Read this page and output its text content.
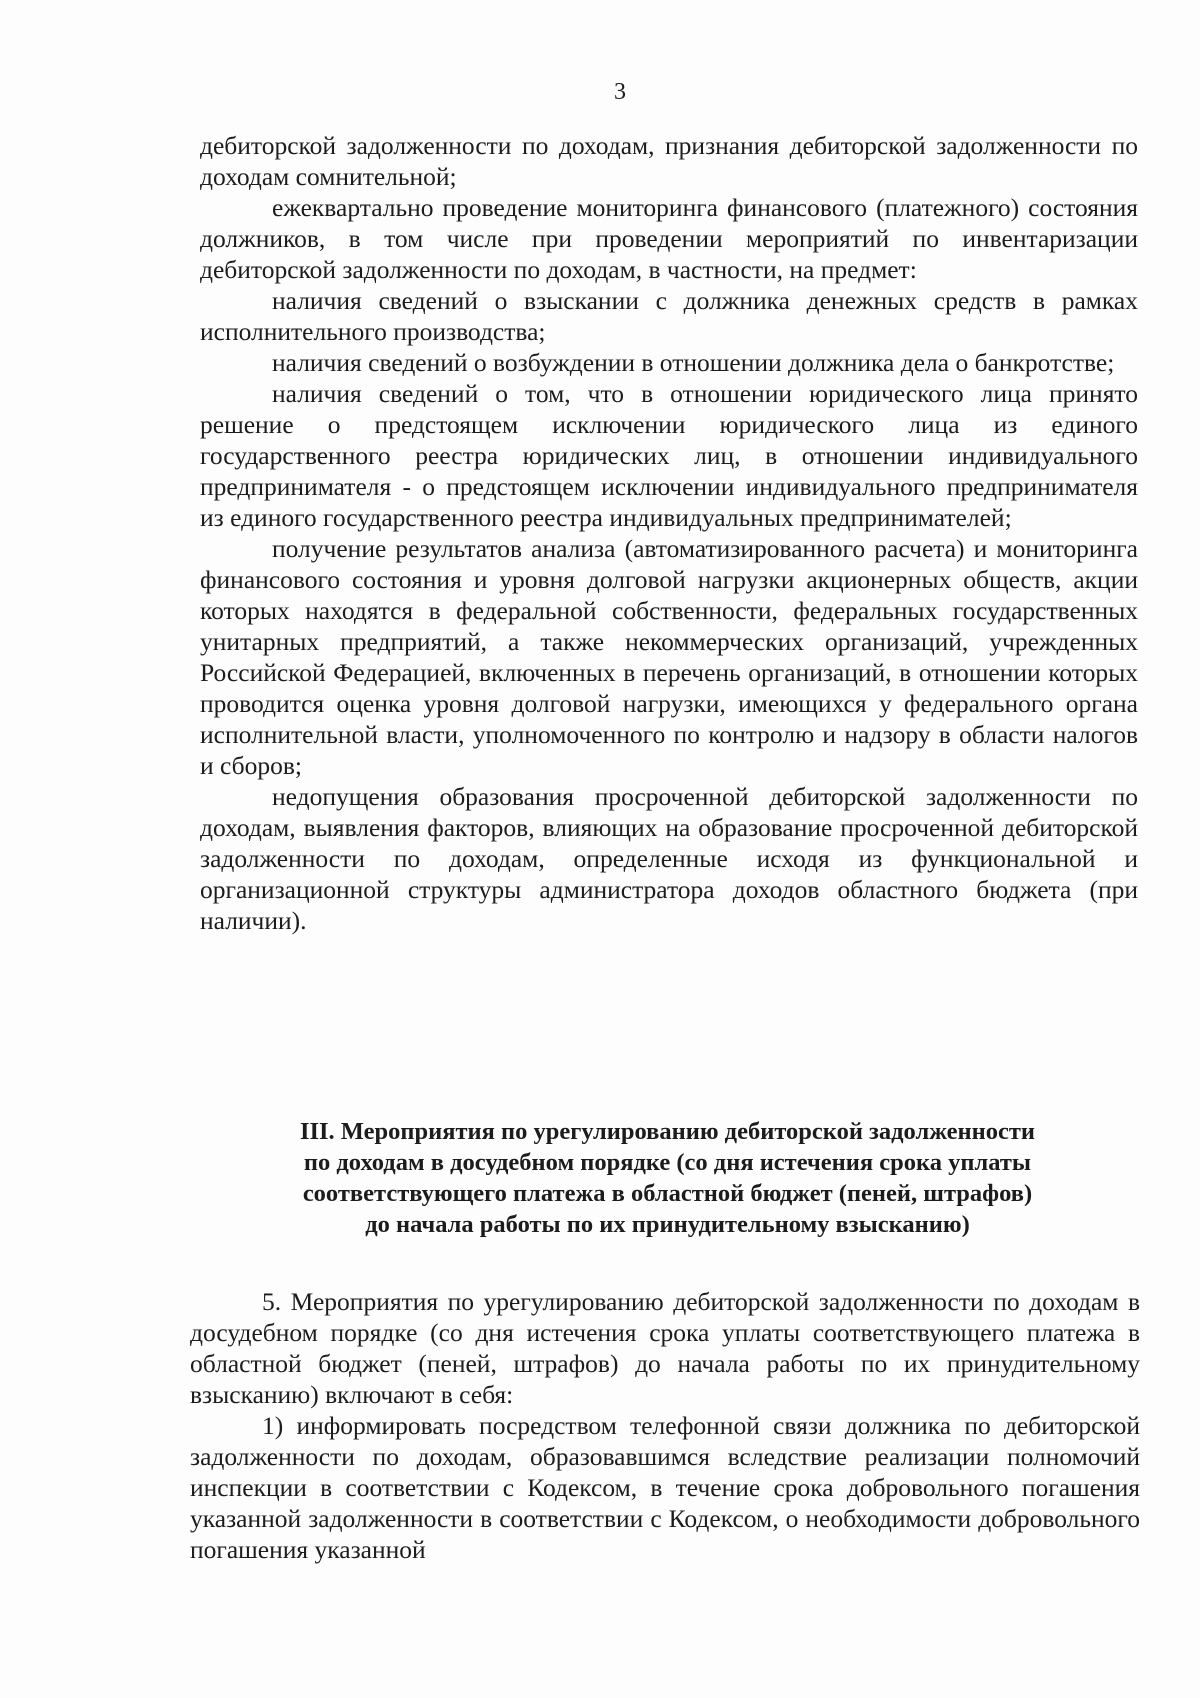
3

дебиторской задолженности по доходам, признания дебиторской задолженности по доходам сомнительной;

ежеквартально проведение мониторинга финансового (платежного) состояния должников, в том числе при проведении мероприятий по инвентаризации дебиторской задолженности по доходам, в частности, на предмет:

наличия сведений о взыскании с должника денежных средств в рамках исполнительного производства;

наличия сведений о возбуждении в отношении должника дела о банкротстве;

наличия сведений о том, что в отношении юридического лица принято решение о предстоящем исключении юридического лица из единого государственного реестра юридических лиц, в отношении индивидуального предпринимателя - о предстоящем исключении индивидуального предпринимателя из единого государственного реестра индивидуальных предпринимателей;

получение результатов анализа (автоматизированного расчета) и мониторинга финансового состояния и уровня долговой нагрузки акционерных обществ, акции которых находятся в федеральной собственности, федеральных государственных унитарных предприятий, а также некоммерческих организаций, учрежденных Российской Федерацией, включенных в перечень организаций, в отношении которых проводится оценка уровня долговой нагрузки, имеющихся у федерального органа исполнительной власти, уполномоченного по контролю и надзору в области налогов и сборов;

недопущения образования просроченной дебиторской задолженности по доходам, выявления факторов, влияющих на образование просроченной дебиторской задолженности по доходам, определенные исходя из функциональной и организационной структуры администратора доходов областного бюджета (при наличии).

III. Мероприятия по урегулированию дебиторской задолженности
по доходам в досудебном порядке (со дня истечения срока уплаты
соответствующего платежа в областной бюджет (пеней, штрафов)
до начала работы по их принудительному взысканию)

5. Мероприятия по урегулированию дебиторской задолженности по доходам в досудебном порядке (со дня истечения срока уплаты соответствующего платежа в областной бюджет (пеней, штрафов) до начала работы по их принудительному взысканию) включают в себя:

1) информировать посредством телефонной связи должника по дебиторской задолженности по доходам, образовавшимся вследствие реализации полномочий инспекции в соответствии с Кодексом, в течение срока добровольного погашения указанной задолженности в соответствии с Кодексом, о необходимости добровольного погашения указанной
